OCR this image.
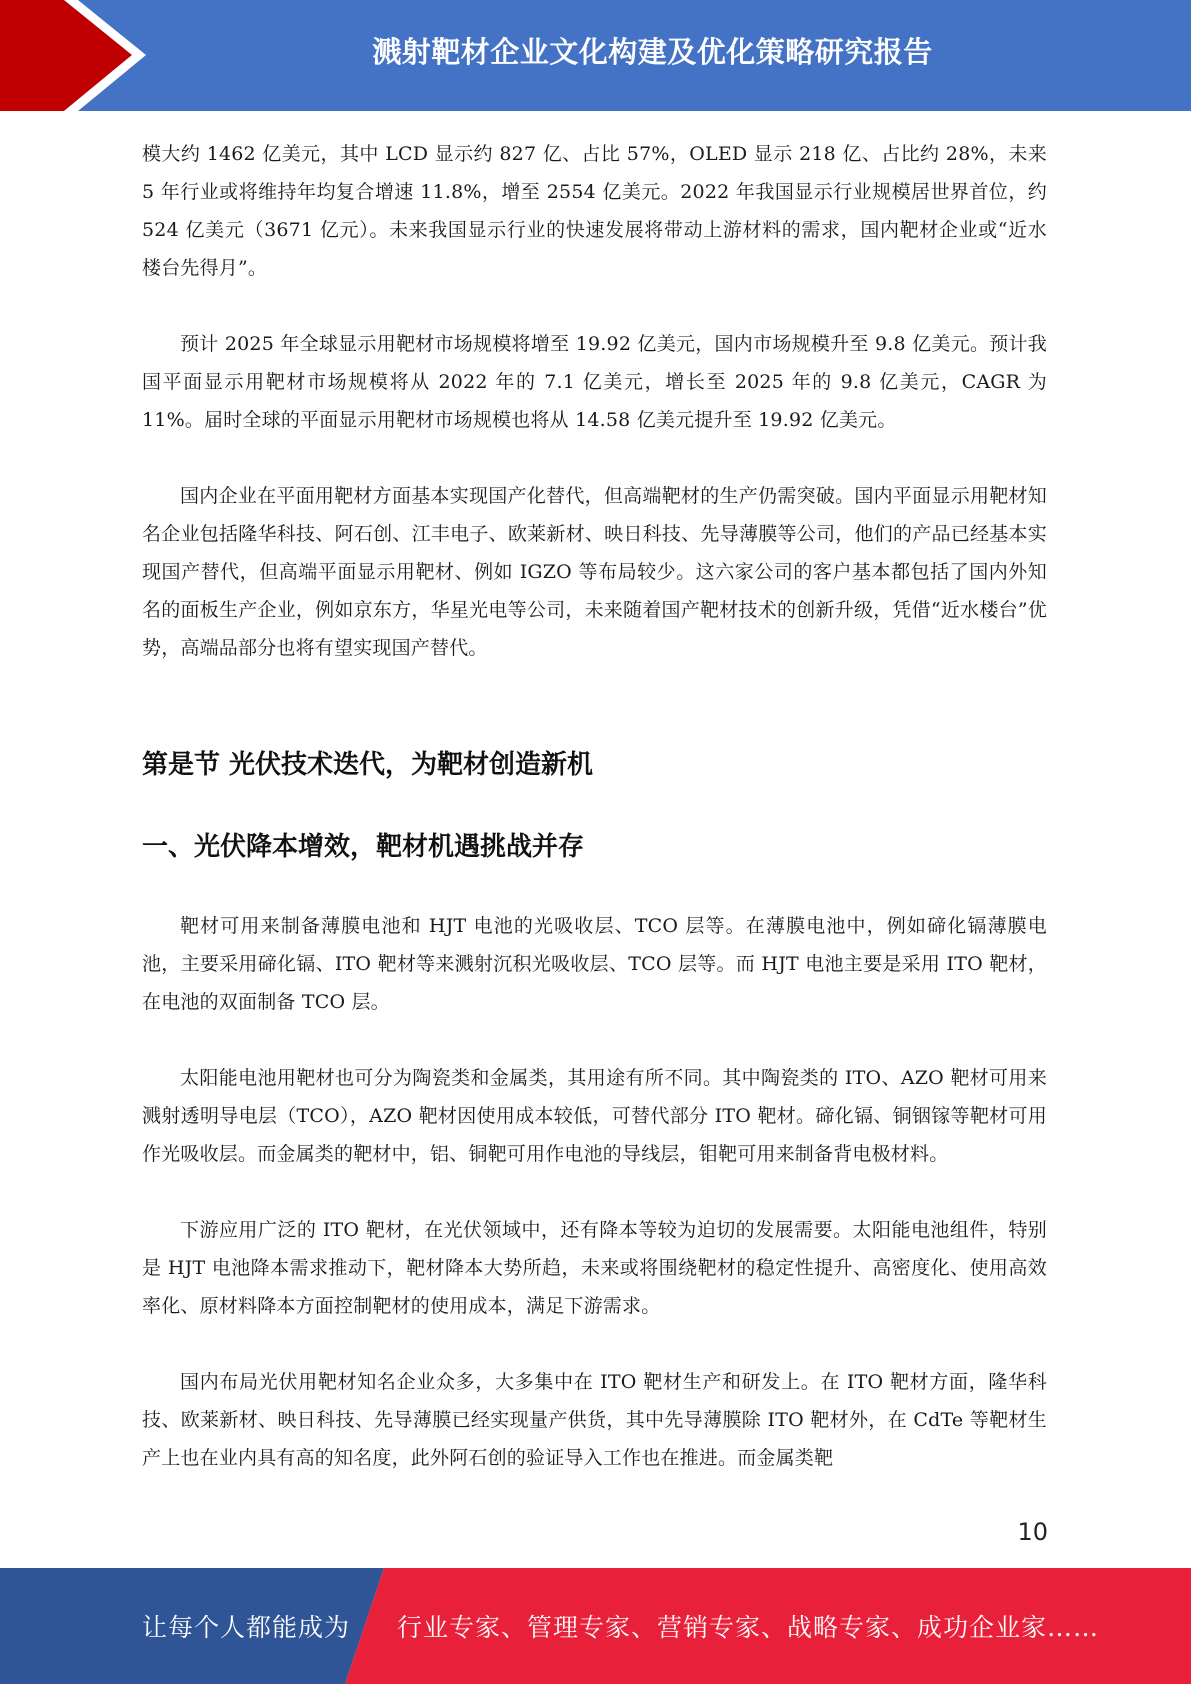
溅射靶材企业文化构建及优化策略研究报告

模大约 1462 亿美元，其中 LCD 显示约 827 亿、占比 57%，OLED 显示 218 亿、占比约 28%，未来 5 年行业或将维持年均复合增速 11.8%，增至 2554 亿美元。2022 年我国显示行业规模居世界首位，约 524 亿美元（3671 亿元）。未来我国显示行业的快速发展将带动上游材料的需求，国内靶材企业或“近水楼台先得月”。

预计 2025 年全球显示用靶材市场规模将增至 19.92 亿美元，国内市场规模升至 9.8 亿美元。预计我国平面显示用靶材市场规模将从 2022 年的 7.1 亿美元，增长至 2025 年的 9.8 亿美元，CAGR 为 11%。届时全球的平面显示用靶材市场规模也将从 14.58 亿美元提升至 19.92 亿美元。

国内企业在平面用靶材方面基本实现国产化替代，但高端靶材的生产仍需突破。国内平面显示用靶材知名企业包括隆华科技、阿石创、江丰电子、欧莱新材、映日科技、先导薄膜等公司，他们的产品已经基本实现国产替代，但高端平面显示用靶材、例如 IGZO 等布局较少。这六家公司的客户基本都包括了国内外知名的面板生产企业，例如京东方，华星光电等公司，未来随着国产靶材技术的创新升级，凭借“近水楼台”优势，高端品部分也将有望实现国产替代。

第是节 光伏技术迭代，为靶材创造新机
一、光伏降本增效，靶材机遇挑战并存

靶材可用来制备薄膜电池和 HJT 电池的光吸收层、TCO 层等。在薄膜电池中，例如碲化镉薄膜电池，主要采用碲化镉、ITO 靶材等来溅射沉积光吸收层、TCO 层等。而 HJT 电池主要是采用 ITO 靶材，在电池的双面制备 TCO 层。

太阳能电池用靶材也可分为陶瓷类和金属类，其用途有所不同。其中陶瓷类的 ITO、AZO 靶材可用来溅射透明导电层（TCO），AZO 靶材因使用成本较低，可替代部分 ITO 靶材。碲化镉、铜铟镓等靶材可用作光吸收层。而金属类的靶材中，铝、铜靶可用作电池的导线层，钼靶可用来制备背电极材料。

下游应用广泛的 ITO 靶材，在光伏领域中，还有降本等较为迫切的发展需要。太阳能电池组件，特别是 HJT 电池降本需求推动下，靶材降本大势所趋，未来或将围绕靶材的稳定性提升、高密度化、使用高效率化、原材料降本方面控制靶材的使用成本，满足下游需求。

国内布局光伏用靶材知名企业众多，大多集中在 ITO 靶材生产和研发上。在 ITO 靶材方面，隆华科技、欧莱新材、映日科技、先导薄膜已经实现量产供货，其中先导薄膜除 ITO 靶材外，在 CdTe 等靶材生产上也在业内具有高的知名度，此外阿石创的验证导入工作也在推进。而金属类靶

10
让每个人都能成为 行业专家、管理专家、营销专家、战略专家、成功企业家……
